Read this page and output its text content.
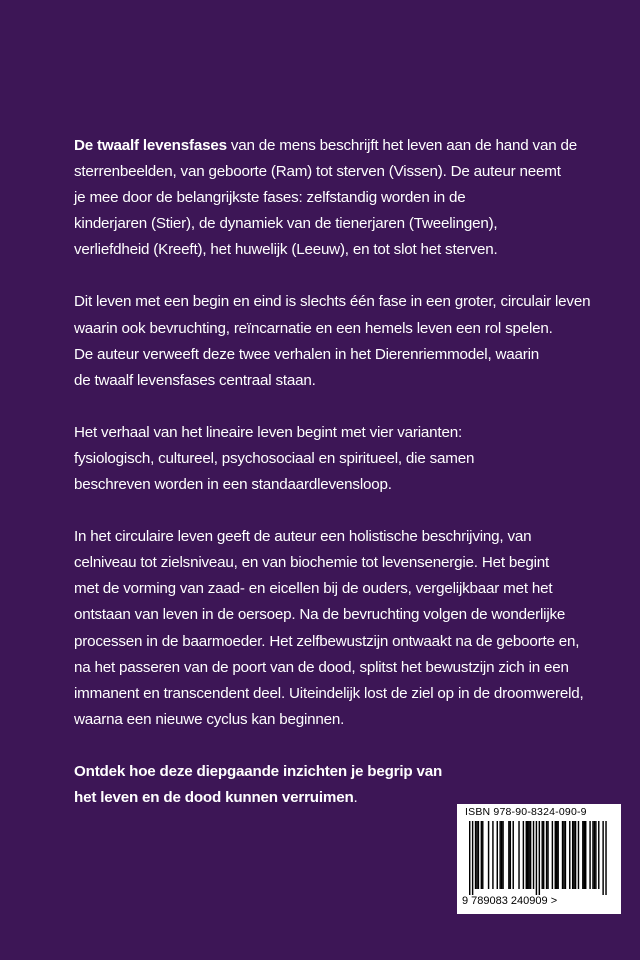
De twaalf levensfases van de mens beschrijft het leven aan de hand van de
sterrenbeelden, van geboorte (Ram) tot sterven (Vissen). De auteur neemt
je mee door de belangrijkste fases: zelfstandig worden in de
kinderjaren (Stier), de dynamiek van de tienerjaren (Tweelingen),
verliefdheid (Kreeft), het huwelijk (Leeuw), en tot slot het sterven.

Dit leven met een begin en eind is slechts één fase in een groter, circulair leven
waarin ook bevruchting, reïncarnatie en een hemels leven een rol spelen.
De auteur verweeft deze twee verhalen in het Dierenriemmodel, waarin
de twaalf levensfases centraal staan.

Het verhaal van het lineaire leven begint met vier varianten:
fysiologisch, cultureel, psychosociaal en spiritueel, die samen
beschreven worden in een standaardlevensloop.

In het circulaire leven geeft de auteur een holistische beschrijving, van
celniveau tot zielsniveau, en van biochemie tot levensenergie. Het begint
met de vorming van zaad- en eicellen bij de ouders, vergelijkbaar met het
ontstaan van leven in de oersoep. Na de bevruchting volgen de wonderlijke
processen in de baarmoeder. Het zelfbewustzijn ontwaakt na de geboorte en,
na het passeren van de poort van de dood, splitst het bewustzijn zich in een
immanent en transcendent deel. Uiteindelijk lost de ziel op in de droomwereld,
waarna een nieuwe cyclus kan beginnen.

Ontdek hoe deze diepgaande inzichten je begrip van
het leven en de dood kunnen verruimen.

ISBN 978-90-8324-090-9
9 789083 240909 >
